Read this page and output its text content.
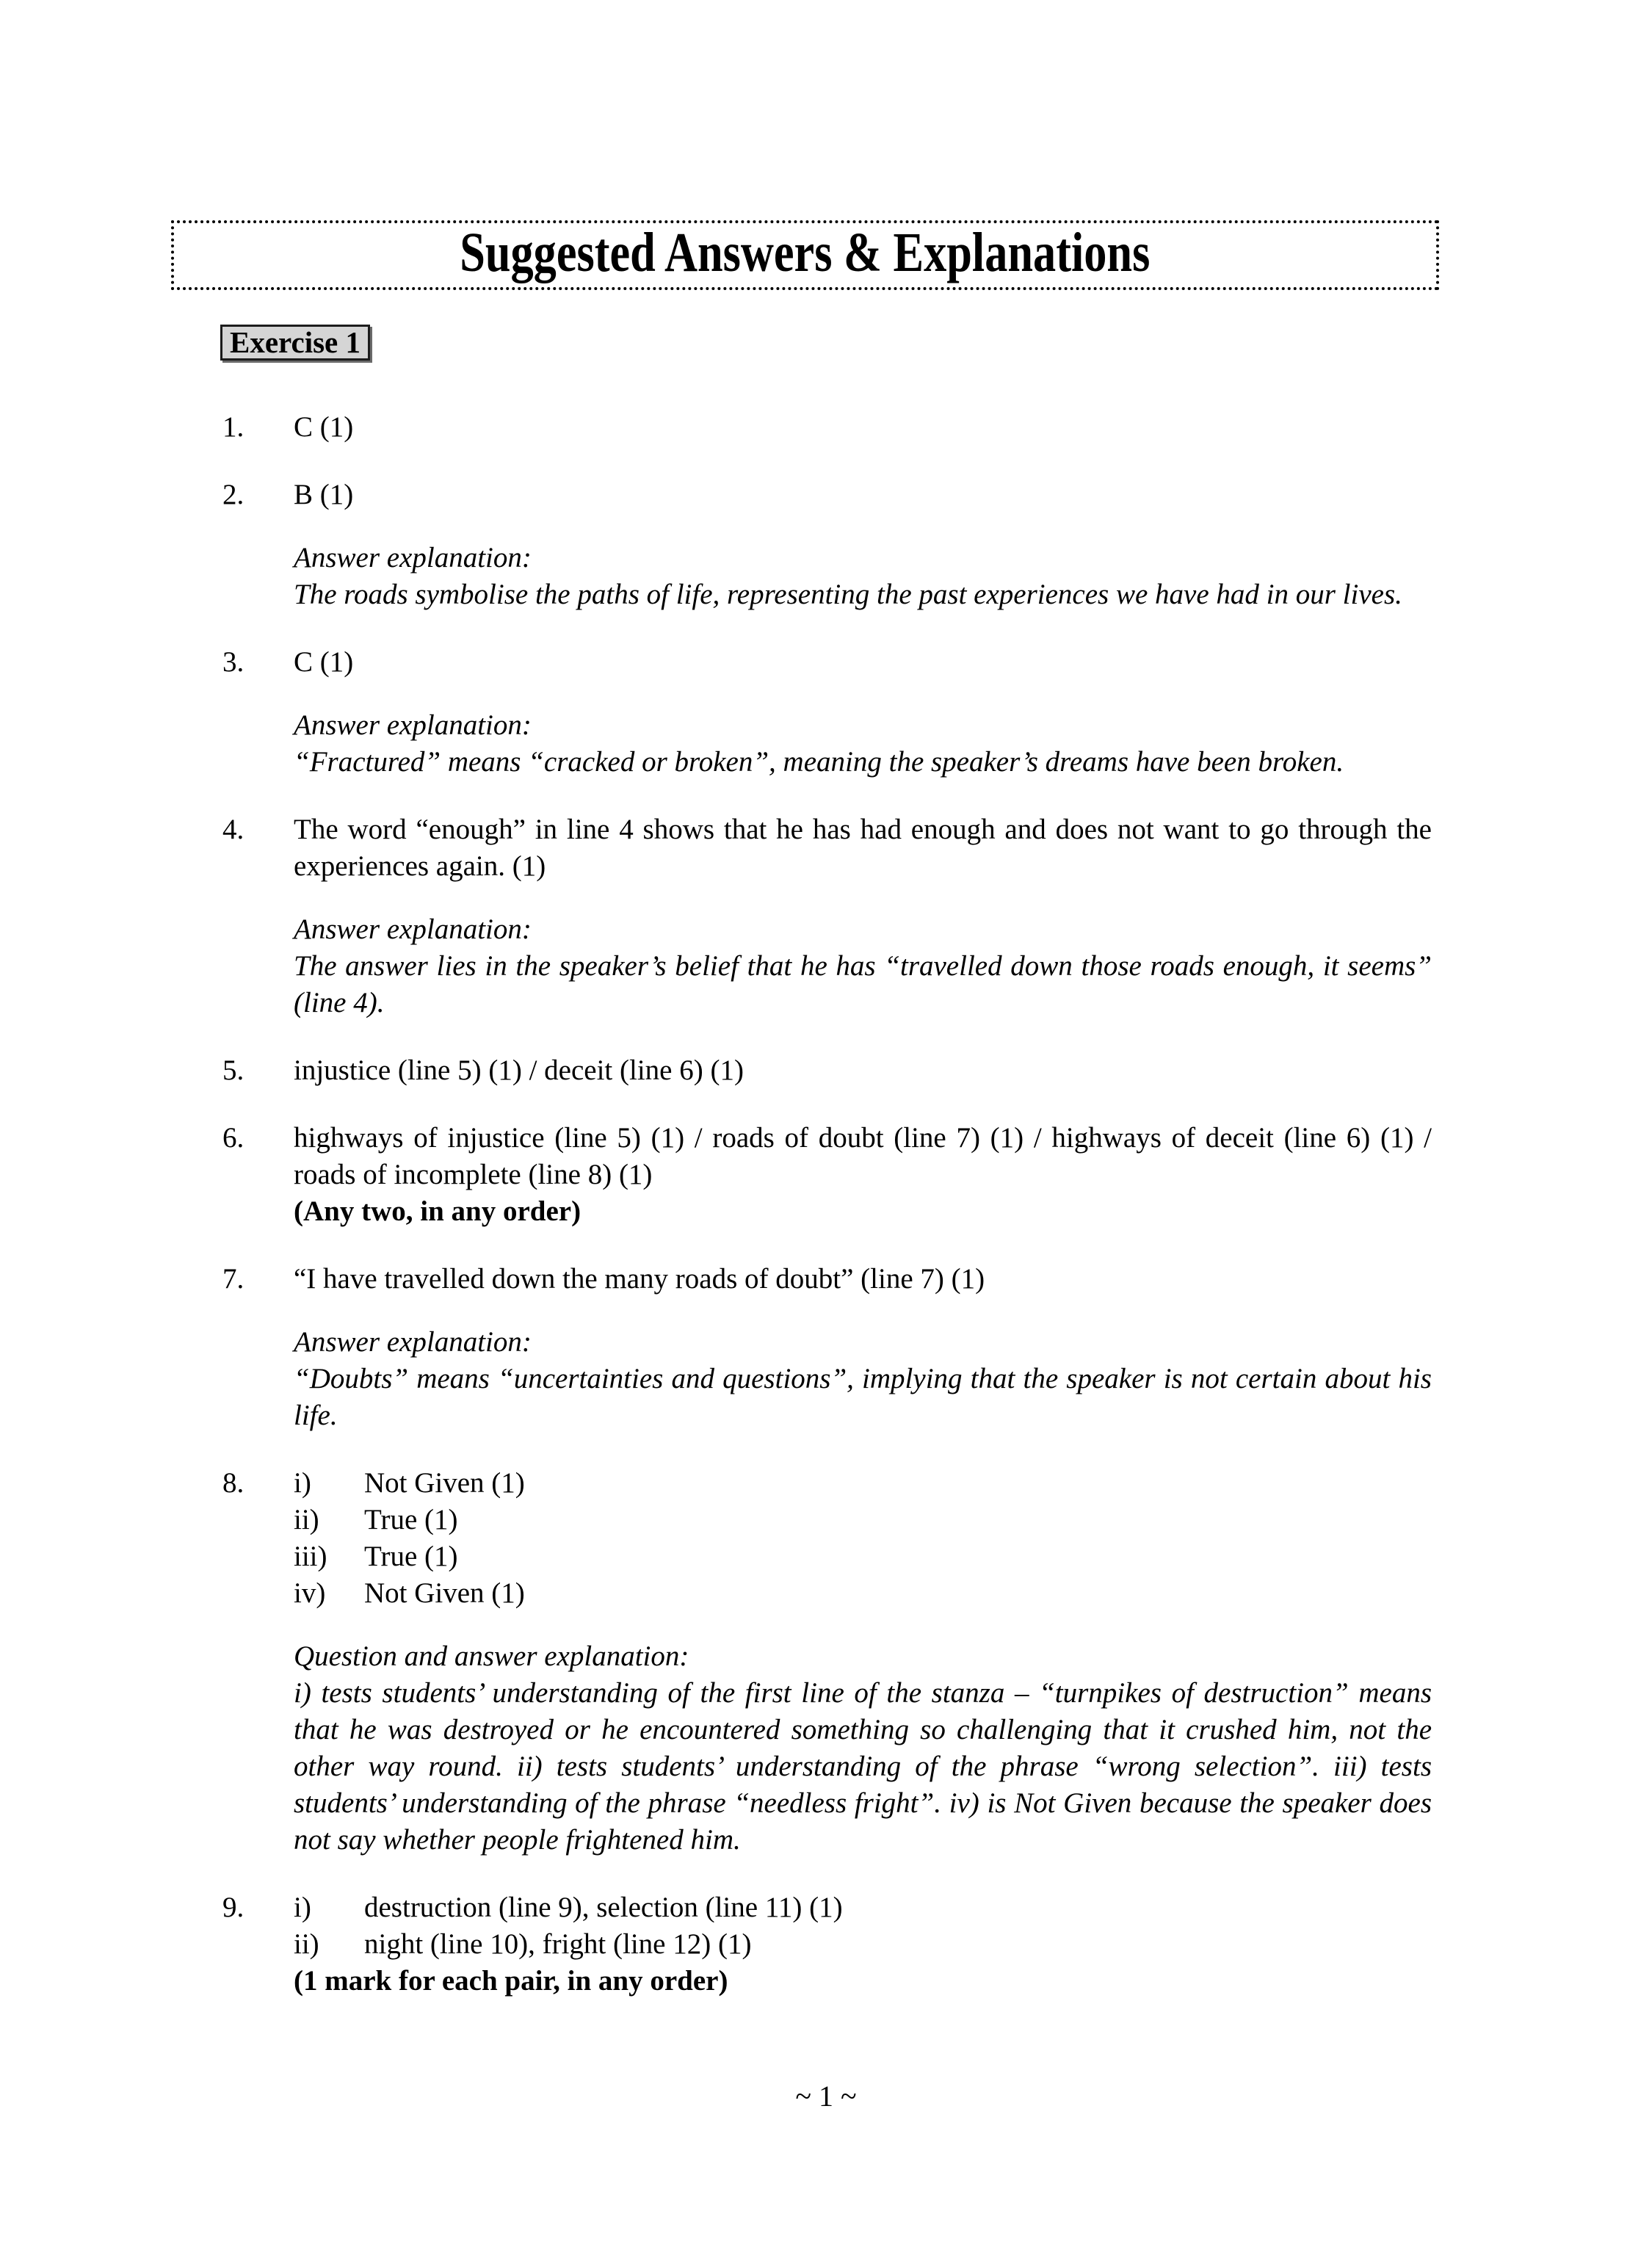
Suggested Answers & Explanations
Exercise 1
1.	C (1)
2.	B (1)
Answer explanation:
The roads symbolise the paths of life, representing the past experiences we have had in our lives.
3.	C (1)
Answer explanation:
“Fractured” means “cracked or broken”, meaning the speaker’s dreams have been broken.
4.	The word “enough” in line 4 shows that he has had enough and does not want to go through the experiences again. (1)
Answer explanation:
The answer lies in the speaker’s belief that he has “travelled down those roads enough, it seems” (line 4).
5.	injustice (line 5) (1) / deceit (line 6) (1)
6.	highways of injustice (line 5) (1) / roads of doubt (line 7) (1) / highways of deceit (line 6) (1) / roads of incomplete (line 8) (1)
(Any two, in any order)
7.	“I have travelled down the many roads of doubt” (line 7) (1)
Answer explanation:
“Doubts” means “uncertainties and questions”, implying that the speaker is not certain about his life.
8.	i)	Not Given (1)
ii)	True (1)
iii)	True (1)
iv)	Not Given (1)
Question and answer explanation:
i) tests students’ understanding of the first line of the stanza – “turnpikes of destruction” means that he was destroyed or he encountered something so challenging that it crushed him, not the other way round. ii) tests students’ understanding of the phrase “wrong selection”. iii) tests students’ understanding of the phrase “needless fright”. iv) is Not Given because the speaker does not say whether people frightened him.
9.	i)	destruction (line 9), selection (line 11) (1)
ii)	night (line 10), fright (line 12) (1)
(1 mark for each pair, in any order)
~ 1 ~
